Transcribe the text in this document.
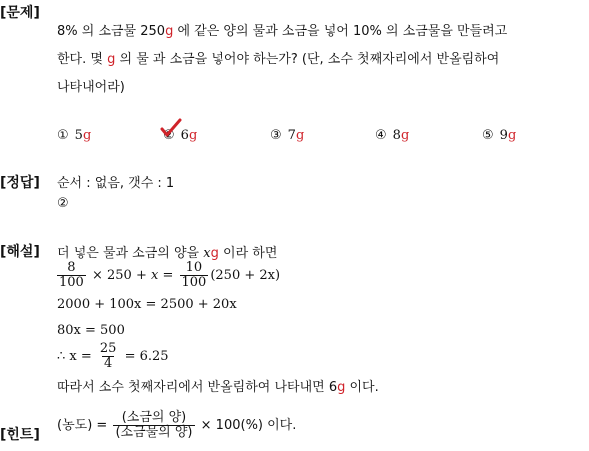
[문제]
8% 의 소금물 250g 에 같은 양의 물과 소금을 넣어 10% 의 소금물을 만들려고
한다. 몇 g 의 물 과 소금을 넣어야 하는가? (단, 소수 첫째자리에서 반올림하여
나타내어라)
① 5g	② 6g	③ 7g	④ 8g	⑤ 9g
[정답] 순서 : 없음, 갯수 : 1
②
[해설] 더 넣은 물과 소금의 양을 xg 이라 하면
$\frac{8}{100} \times 250 + x = \frac{10}{100} (250 + 2x)$
2000 + 100x = 2500 + 20x
80x = 500
∴ $x = \frac{25}{4} = 6.25$
따라서 소수 첫째자리에서 반올림하여 나타내면 6g 이다.
[힌트]
(농도) = $\frac{\text{(소금의 양)}}{\text{(소금물의 양)}} \times 100(\%)$ 이다.
